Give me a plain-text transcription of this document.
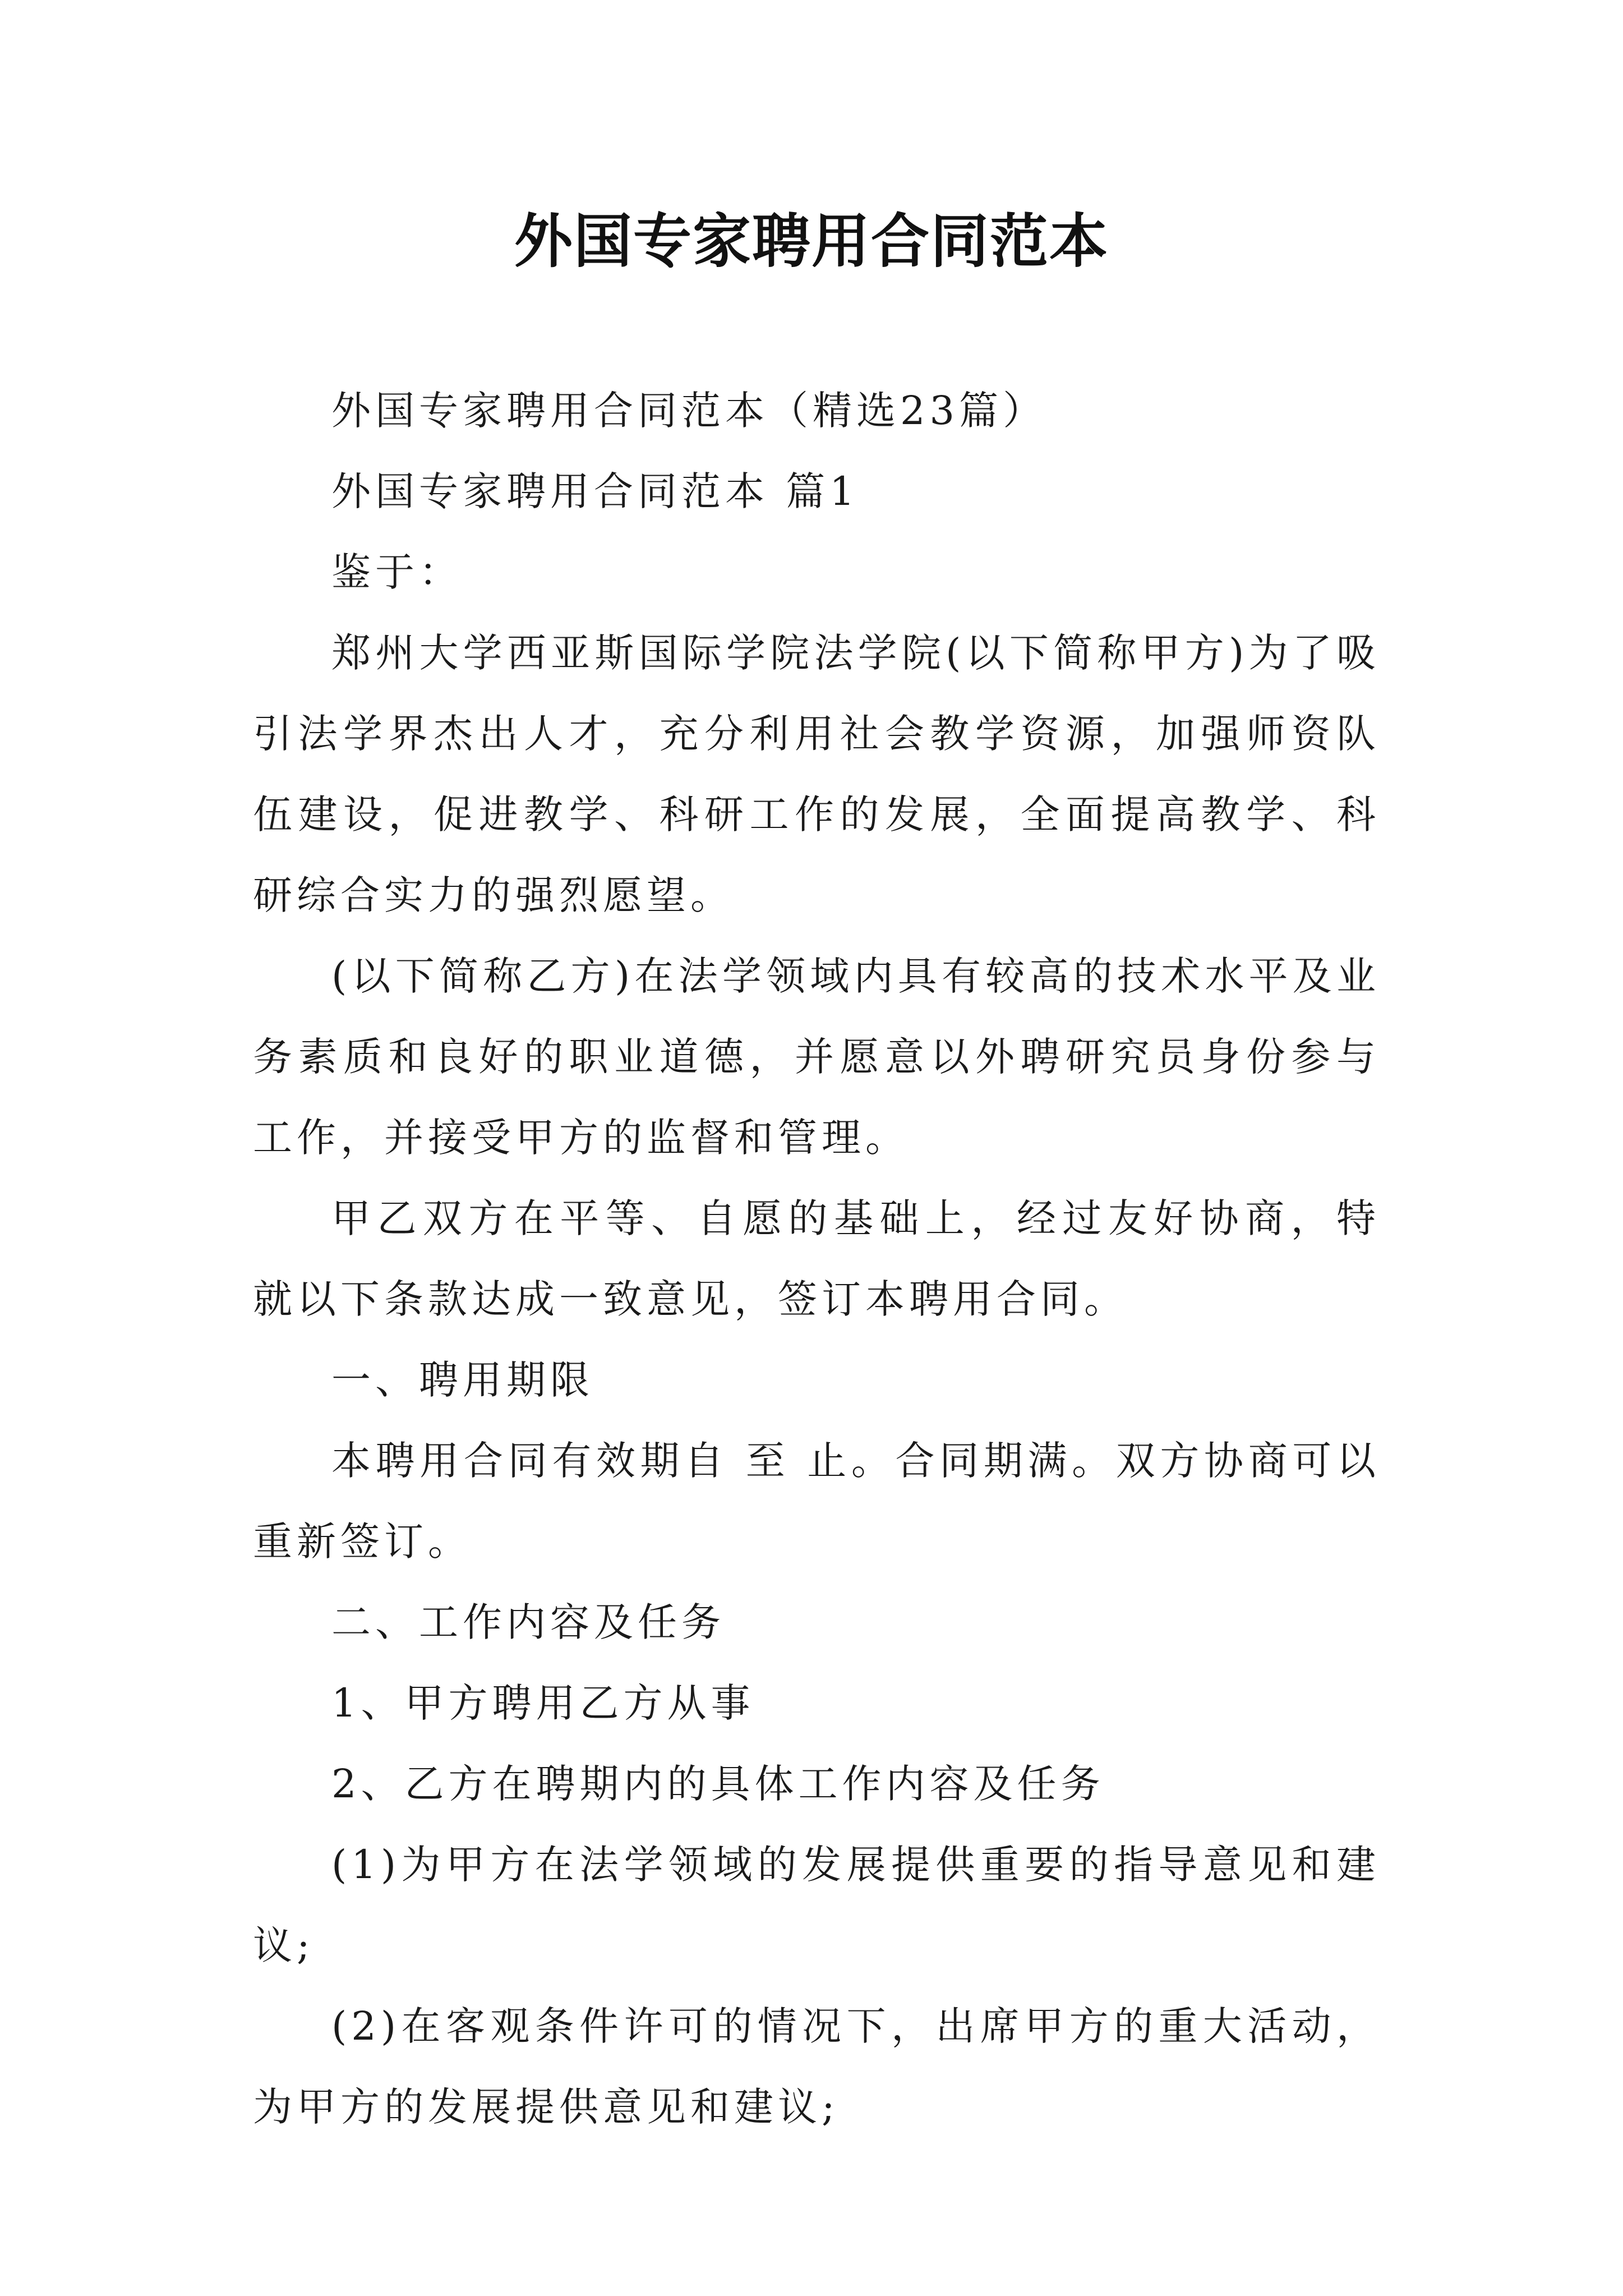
外国专家聘用合同范本

外国专家聘用合同范本（精选23篇）

外国专家聘用合同范本 篇1

鉴于：

郑州大学西亚斯国际学院法学院(以下简称甲方)为了吸引法学界杰出人才，充分利用社会教学资源，加强师资队伍建设，促进教学、科研工作的发展，全面提高教学、科研综合实力的强烈愿望。

(以下简称乙方)在法学领域内具有较高的技术水平及业务素质和良好的职业道德，并愿意以外聘研究员身份参与工作，并接受甲方的监督和管理。

甲乙双方在平等、自愿的基础上，经过友好协商，特就以下条款达成一致意见，签订本聘用合同。

一、聘用期限

本聘用合同有效期自 至 止。合同期满。双方协商可以重新签订。

二、工作内容及任务

1、甲方聘用乙方从事

2、乙方在聘期内的具体工作内容及任务

(1)为甲方在法学领域的发展提供重要的指导意见和建议;

(2)在客观条件许可的情况下，出席甲方的重大活动，为甲方的发展提供意见和建议;
